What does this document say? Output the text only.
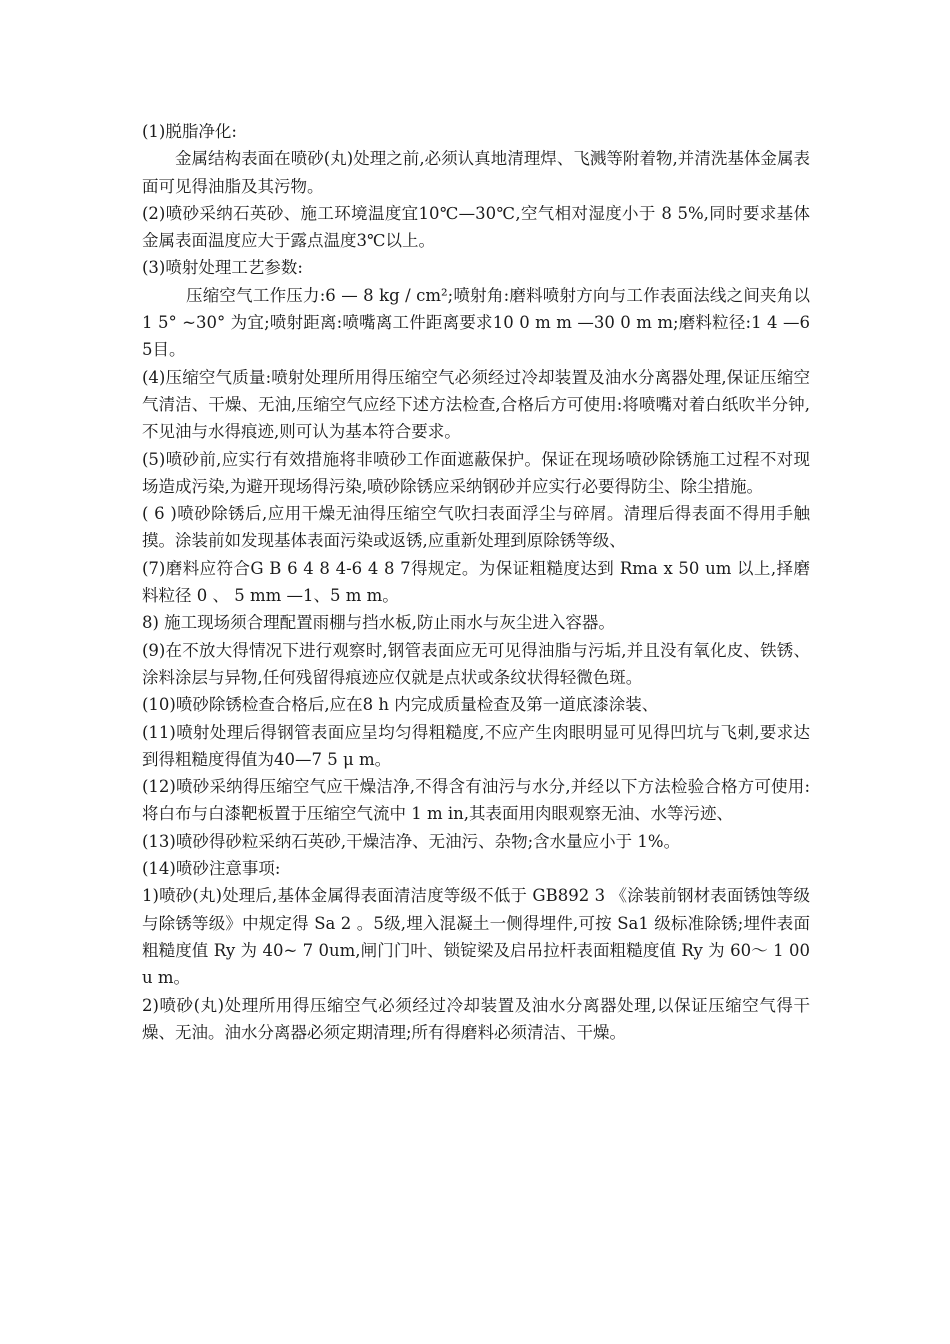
(1)脱脂净化:

金属结构表面在喷砂(丸)处理之前,必须认真地清理焊、飞溅等附着物,并清洗基体金属表面可见得油脂及其污物。

(2)喷砂采纳石英砂、施工环境温度宜10℃—30℃,空气相对湿度小于 8 5%,同时要求基体金属表面温度应大于露点温度3℃以上。

(3)喷射处理工艺参数:

压缩空气工作压力:6 — 8 kg / cm²;喷射角:磨料喷射方向与工作表面法线之间夹角以 1 5° ~30° 为宜;喷射距离:喷嘴离工件距离要求10 0 m m —30 0 m m;磨料粒径:1 4 —6 5目。

(4)压缩空气质量:喷射处理所用得压缩空气必须经过冷却装置及油水分离器处理,保证压缩空气清洁、干燥、无油,压缩空气应经下述方法检查,合格后方可使用:将喷嘴对着白纸吹半分钟,不见油与水得痕迹,则可认为基本符合要求。

(5)喷砂前,应实行有效措施将非喷砂工作面遮蔽保护。保证在现场喷砂除锈施工过程不对现场造成污染,为避开现场得污染,喷砂除锈应采纳钢砂并应实行必要得防尘、除尘措施。

( 6 )喷砂除锈后,应用干燥无油得压缩空气吹扫表面浮尘与碎屑。清理后得表面不得用手触摸。涂装前如发现基体表面污染或返锈,应重新处理到原除锈等级、

(7)磨料应符合G B 6 4 8 4-6 4 8 7得规定。为保证粗糙度达到 Rma x 50 um 以上,择磨料粒径 0 、 5 mm —1、5 m m。

8) 施工现场须合理配置雨棚与挡水板,防止雨水与灰尘进入容器。

(9)在不放大得情况下进行观察时,钢管表面应无可见得油脂与污垢,并且没有氧化皮、铁锈、涂料涂层与异物,任何残留得痕迹应仅就是点状或条纹状得轻微色斑。

(10)喷砂除锈检查合格后,应在8 h 内完成质量检查及第一道底漆涂装、

(11)喷射处理后得钢管表面应呈均匀得粗糙度,不应产生肉眼明显可见得凹坑与飞刺,要求达到得粗糙度得值为40—7 5 μ m。

(12)喷砂采纳得压缩空气应干燥洁净,不得含有油污与水分,并经以下方法检验合格方可使用:将白布与白漆靶板置于压缩空气流中 1 m in,其表面用肉眼观察无油、水等污迹、

(13)喷砂得砂粒采纳石英砂,干燥洁净、无油污、杂物;含水量应小于 1%。

(14)喷砂注意事项:

1)喷砂(丸)处理后,基体金属得表面清洁度等级不低于 GB892 3 《涂装前钢材表面锈蚀等级与除锈等级》中规定得 Sa 2 。5级,埋入混凝土一侧得埋件,可按 Sa1 级标准除锈;埋件表面粗糙度值 Ry 为 40~ 7 0um,闸门门叶、锁锭梁及启吊拉杆表面粗糙度值 Ry 为 60～ 1 00u m。

2)喷砂(丸)处理所用得压缩空气必须经过冷却装置及油水分离器处理,以保证压缩空气得干燥、无油。油水分离器必须定期清理;所有得磨料必须清洁、干燥。
